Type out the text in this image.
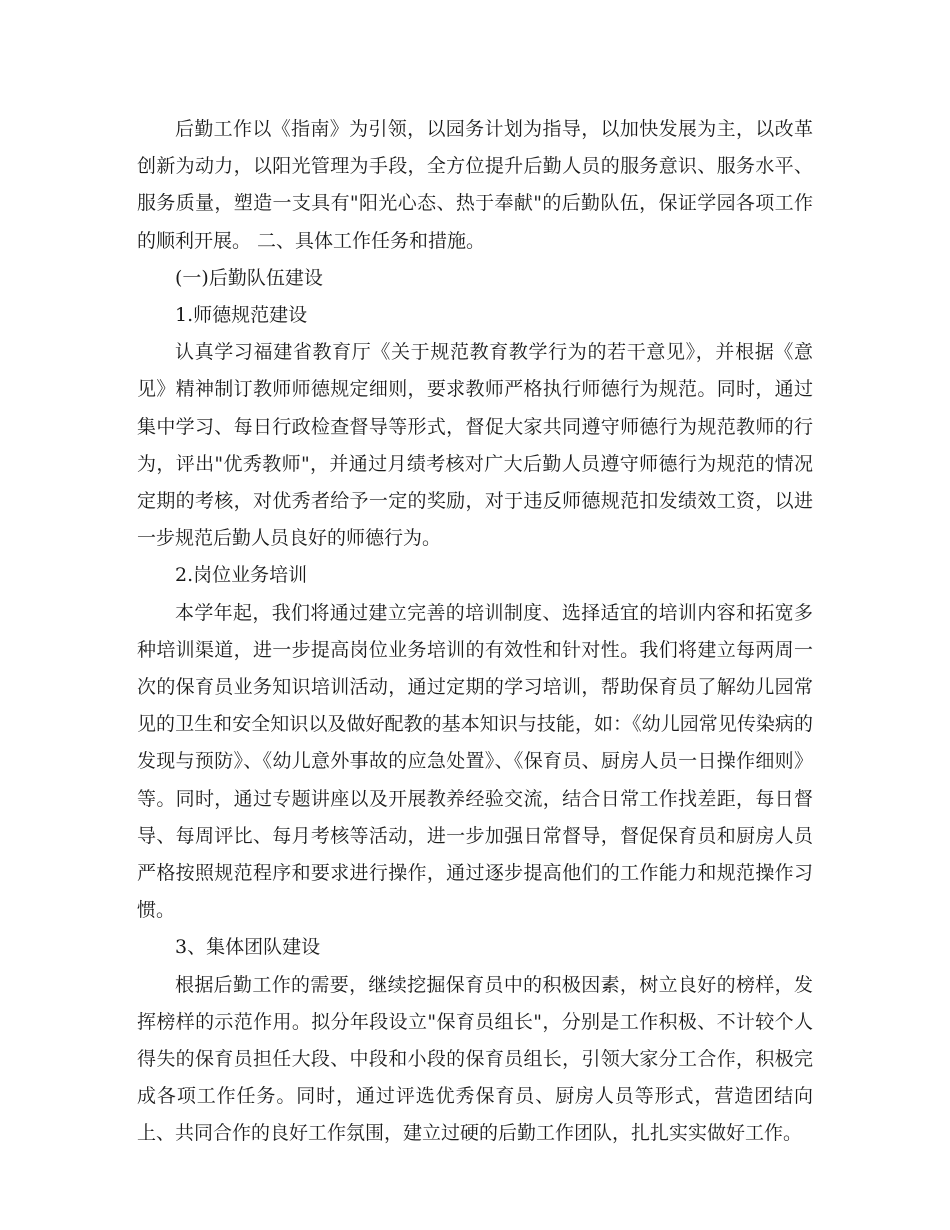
后勤工作以《指南》为引领，以园务计划为指导，以加快发展为主，以改革创新为动力，以阳光管理为手段，全方位提升后勤人员的服务意识、服务水平、服务质量，塑造一支具有"阳光心态、热于奉献"的后勤队伍，保证学园各项工作的顺利开展。 二、具体工作任务和措施。

(一)后勤队伍建设

1.师德规范建设

认真学习福建省教育厅《关于规范教育教学行为的若干意见》，并根据《意见》精神制订教师师德规定细则，要求教师严格执行师德行为规范。同时，通过集中学习、每日行政检查督导等形式，督促大家共同遵守师德行为规范教师的行为，评出"优秀教师"，并通过月绩考核对广大后勤人员遵守师德行为规范的情况定期的考核，对优秀者给予一定的奖励，对于违反师德规范扣发绩效工资，以进一步规范后勤人员良好的师德行为。

2.岗位业务培训

本学年起，我们将通过建立完善的培训制度、选择适宜的培训内容和拓宽多种培训渠道，进一步提高岗位业务培训的有效性和针对性。我们将建立每两周一次的保育员业务知识培训活动，通过定期的学习培训，帮助保育员了解幼儿园常见的卫生和安全知识以及做好配教的基本知识与技能，如：《幼儿园常见传染病的发现与预防》、《幼儿意外事故的应急处置》、《保育员、厨房人员一日操作细则》等。同时，通过专题讲座以及开展教养经验交流，结合日常工作找差距，每日督导、每周评比、每月考核等活动，进一步加强日常督导，督促保育员和厨房人员严格按照规范程序和要求进行操作，通过逐步提高他们的工作能力和规范操作习惯。

3、集体团队建设

根据后勤工作的需要，继续挖掘保育员中的积极因素，树立良好的榜样，发挥榜样的示范作用。拟分年段设立"保育员组长"，分别是工作积极、不计较个人得失的保育员担任大段、中段和小段的保育员组长，引领大家分工合作，积极完成各项工作任务。同时，通过评选优秀保育员、厨房人员等形式，营造团结向上、共同合作的良好工作氛围，建立过硬的后勤工作团队，扎扎实实做好工作。
